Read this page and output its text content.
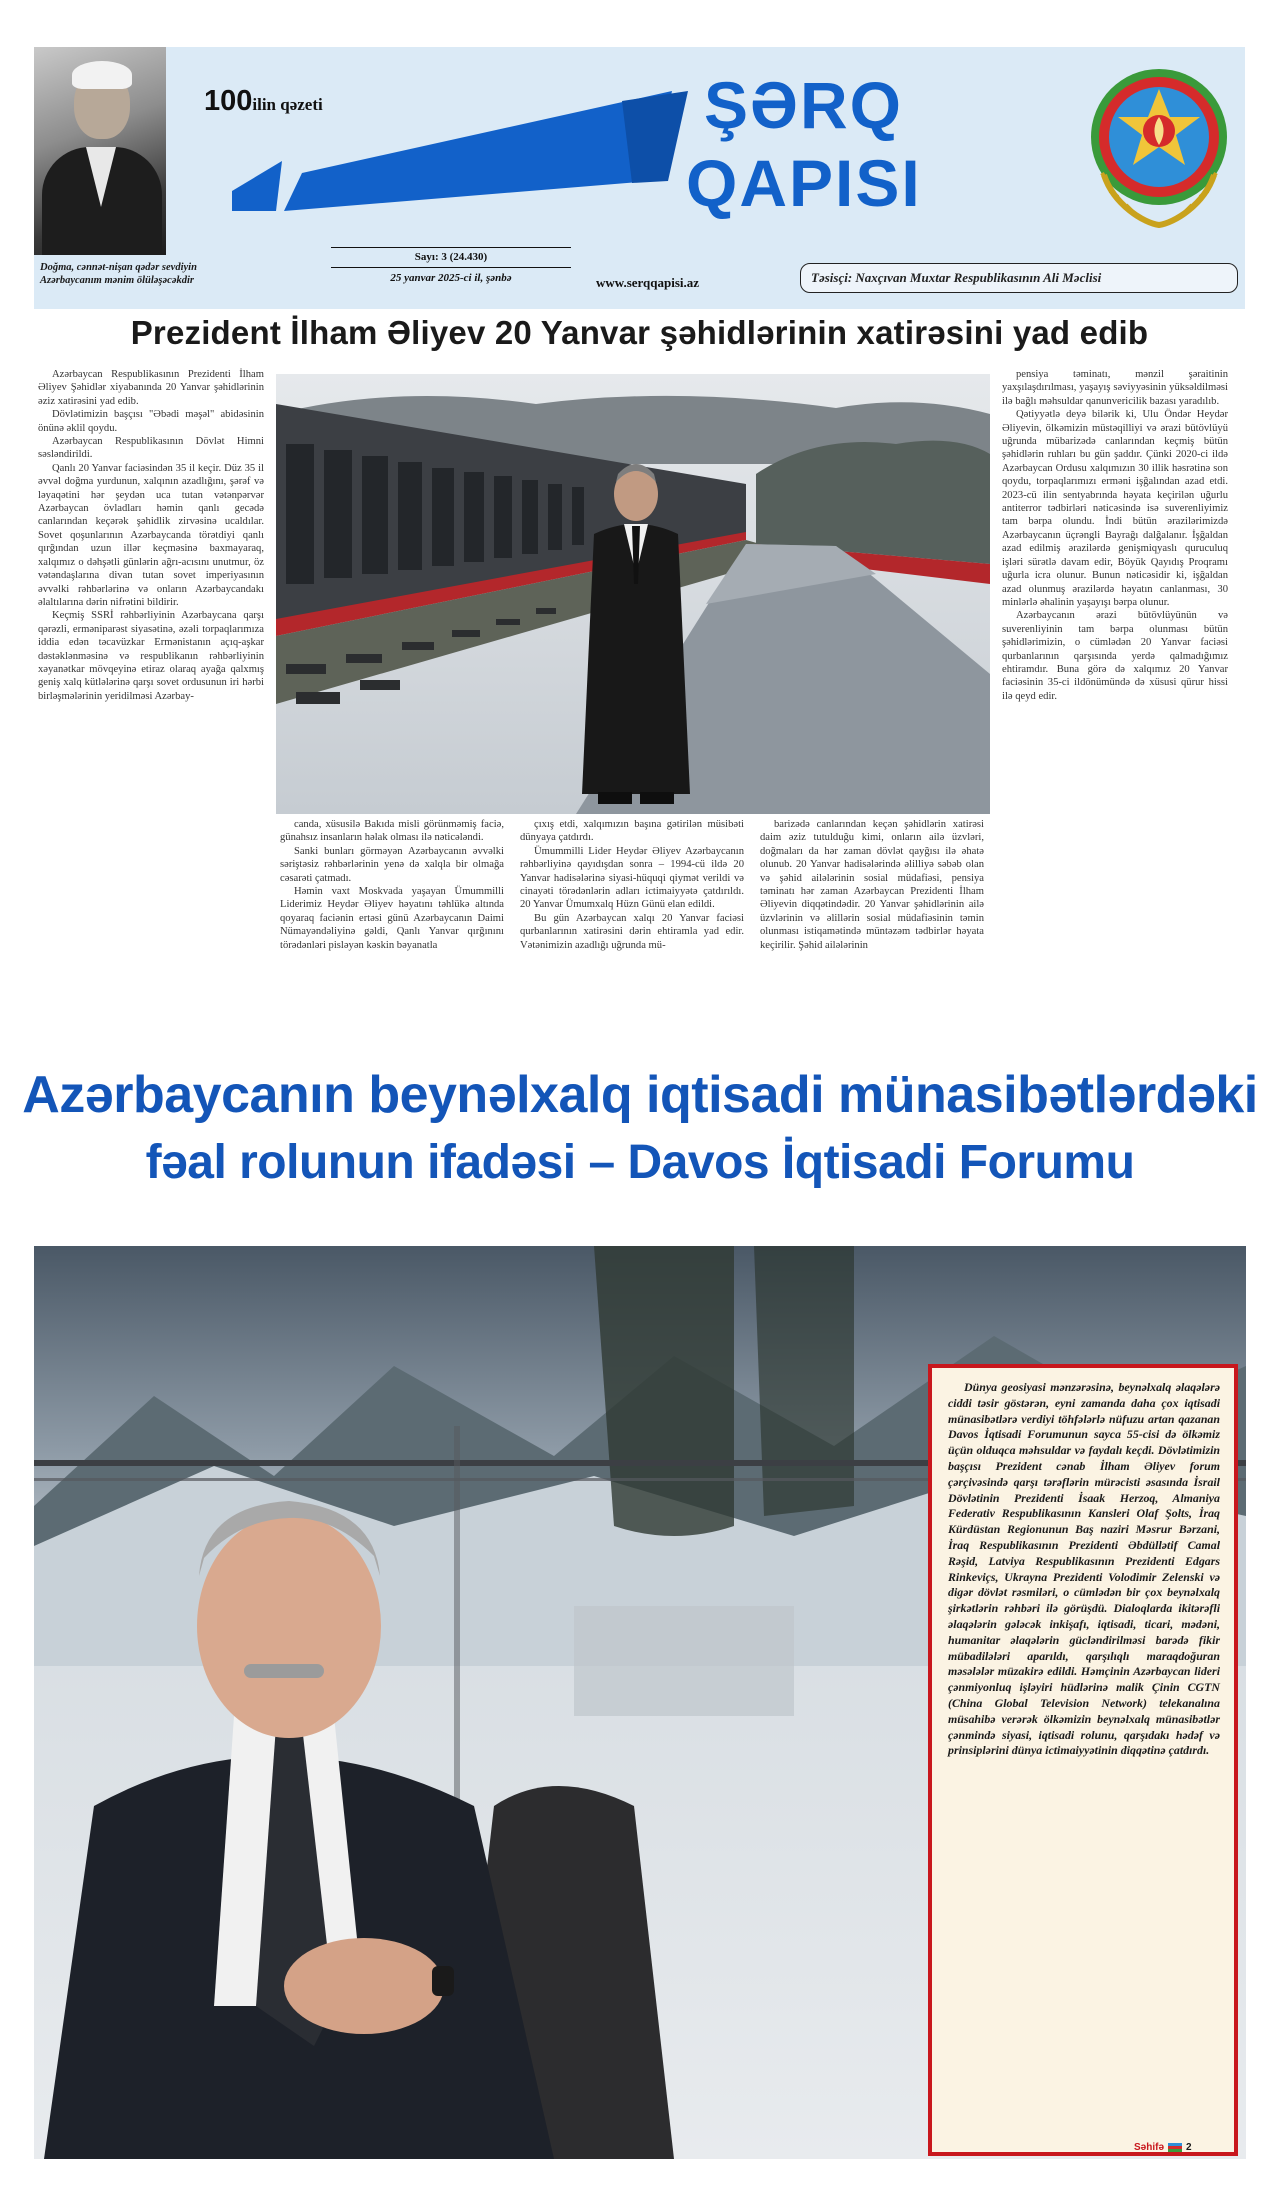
Doğma, cənnət-nişan qədər sevdiyin Azərbaycanım mənim ölüləşəcəkdir
100ilin qəzeti	ŞƏRQ
QAPISI
Sayı: 3 (24.430)
25 yanvar 2025-ci il, şənbə	www.serqqapisi.az	Təsisçi: Naxçıvan Muxtar Respublikasının Ali Məclisi
Prezident İlham Əliyev 20 Yanvar şəhidlərinin xatirəsini yad edib

Azərbaycan Respublikasının Prezidenti İlham Əliyev Şəhidlər xiyabanında 20 Yanvar şəhidlərinin əziz xatirəsini yad edib.

Dövlətimizin başçısı "Əbədi məşəl" abidəsinin önünə əklil qoydu.

Azərbaycan Respublikasının Dövlət Himni səsləndirildi.

Qanlı 20 Yanvar faciəsindən 35 il keçir. Düz 35 il əvvəl doğma yurdunun, xalqının azadlığını, şərəf və ləyaqətini hər şeydən uca tutan vətənpərvər Azərbaycan övladları həmin qanlı gecədə canlarından keçərək şəhidlik zirvəsinə ucaldılar. Sovet qoşunlarının Azərbaycanda törətdiyi qanlı qırğından uzun illər keçməsinə baxmayaraq, xalqımız o dəhşətli günlərin ağrı-acısını unutmur, öz vətəndaşlarına divan tutan sovet imperiyasının əvvəlki rəhbərlərinə və onların Azərbaycandakı əlaltılarına dərin nifrətini bildirir.

Keçmiş SSRİ rəhbərliyinin Azərbaycana qarşı qərəzli, erməniparəst siyasətinə, əzəli torpaqlarımıza iddia edən təcavüzkar Ermənistanın açıq-aşkar dəstəklənməsinə və respublikanın rəhbərliyinin xəyanətkar mövqeyinə etiraz olaraq ayağa qalxmış geniş xalq kütlələrinə qarşı sovet ordusunun iri hərbi birləşmələrinin yeridilməsi Azərbay-

canda, xüsusilə Bakıda misli görünməmiş faciə, günahsız insanların həlak olması ilə nəticələndi.

Sanki bunları görməyən Azərbaycanın əvvəlki səriştəsiz rəhbərlərinin yenə də xalqla bir olmağa cəsarəti çatmadı.

Həmin vaxt Moskvada yaşayan Ümummilli Liderimiz Heydər Əliyev həyatını təhlükə altında qoyaraq faciənin ertəsi günü Azərbaycanın Daimi Nümayəndəliyinə gəldi, Qanlı Yanvar qırğınını törədənləri pisləyən kəskin bəyanatla

çıxış etdi, xalqımızın başına gətirilən müsibəti dünyaya çatdırdı.

Ümummilli Lider Heydər Əliyev Azərbaycanın rəhbərliyinə qayıdışdan sonra – 1994-cü ildə 20 Yanvar hadisələrinə siyasi-hüquqi qiymət verildi və cinayəti törədənlərin adları ictimaiyyətə çatdırıldı. 20 Yanvar Ümumxalq Hüzn Günü elan edildi.

Bu gün Azərbaycan xalqı 20 Yanvar faciəsi qurbanlarının xatirəsini dərin ehtiramla yad edir. Vətənimizin azadlığı uğrunda mü-

barizədə canlarından keçən şəhidlərin xatirəsi daim əziz tutulduğu kimi, onların ailə üzvləri, doğmaları da hər zaman dövlət qayğısı ilə əhatə olunub. 20 Yanvar hadisələrində əlilliyə səbəb olan və şəhid ailələrinin sosial müdafiəsi, pensiya təminatı hər zaman Azərbaycan Prezidenti İlham Əliyevin diqqətindədir. 20 Yanvar şəhidlərinin ailə üzvlərinin və əlillərin sosial müdafiəsinin təmin olunması istiqamətində müntəzəm tədbirlər həyata keçirilir. Şəhid ailələrinin

pensiya təminatı, mənzil şəraitinin yaxşılaşdırılması, yaşayış səviyyəsinin yüksəldilməsi ilə bağlı məhsuldar qanunvericilik bazası yaradılıb.

Qətiyyətlə deyə bilərik ki, Ulu Öndər Heydər Əliyevin, ölkəmizin müstəqilliyi və ərazi bütövlüyü uğrunda mübarizədə canlarından keçmiş bütün şəhidlərin ruhları bu gün şaddır. Çünki 2020-ci ildə Azərbaycan Ordusu xalqımızın 30 illik həsrətinə son qoydu, torpaqlarımızı erməni işğalından azad etdi. 2023-cü ilin sentyabrında həyata keçirilən uğurlu antiterror tədbirləri nəticəsində isə suverenliyimiz tam bərpa olundu. İndi bütün ərazilərimizdə Azərbaycanın üçrəngli Bayrağı dalğalanır. İşğaldan azad edilmiş ərazilərdə genişmiqyaslı quruculuq işləri sürətlə davam edir, Böyük Qayıdış Proqramı uğurla icra olunur. Bunun nəticəsidir ki, işğaldan azad olunmuş ərazilərdə həyatın canlanması, 30 minlərlə əhalinin yaşayışı bərpa olunur.

Azərbaycanın ərazi bütövlüyünün və suverenliyinin tam bərpa olunması bütün şəhidlərimizin, o cümlədən 20 Yanvar faciəsi qurbanlarının qarşısında yerdə qalmadığımız ehtiramdır. Buna görə də xalqımız 20 Yanvar faciəsinin 35-ci ildönümündə də xüsusi qürur hissi ilə qeyd edir.

Azərbaycanın beynəlxalq iqtisadi münasibətlərdəki
fəal rolunun ifadəsi – Davos İqtisadi Forumu
Dünya geosiyasi mənzərəsinə, beynəlxalq əlaqələrə ciddi təsir göstərən, eyni zamanda daha çox iqtisadi münasibətlərə verdiyi töhfələrlə nüfuzu artan qazanan Davos İqtisadi Forumunun sayca 55-cisi də ölkəmiz üçün olduqca məhsuldar və faydalı keçdi. Dövlətimizin başçısı Prezident cənab İlham Əliyev forum çərçivəsində qarşı tərəflərin mürəcisti əsasında İsrail Dövlətinin Prezidenti İsaak Herzoq, Almaniya Federativ Respublikasının Kansleri Olaf Şolts, İraq Kürdüstan Regionunun Baş naziri Məsrur Bərzani, İraq Respublikasının Prezidenti Əbdüllətif Camal Rəşid, Latviya Respublikasının Prezidenti Edgars Rinkeviçs, Ukrayna Prezidenti Volodimir Zelenski və digər dövlət rəsmiləri, o cümlədən bir çox beynəlxalq şirkətlərin rəhbəri ilə görüşdü. Dialoqlarda ikitərəfli əlaqələrin gələcək inkişafı, iqtisadi, ticari, mədəni, humanitar əlaqələrin gücləndirilməsi barədə fikir mübadilələri aparıldı, qarşılıqlı maraqdoğuran məsələlər müzakirə edildi. Həmçinin Azərbaycan lideri çənmiyonluq işləyiri hüdlərinə malik Çinin CGTN (China Global Television Network) telekanalına müsahibə verərək ölkəmizin beynəlxalq münasibətlər çənmində siyasi, iqtisadi rolunu, qarşıdakı hədəf və prinsiplərini dünya ictimaiyyətinin diqqətinə çatdırdı.
Səhifə 2
